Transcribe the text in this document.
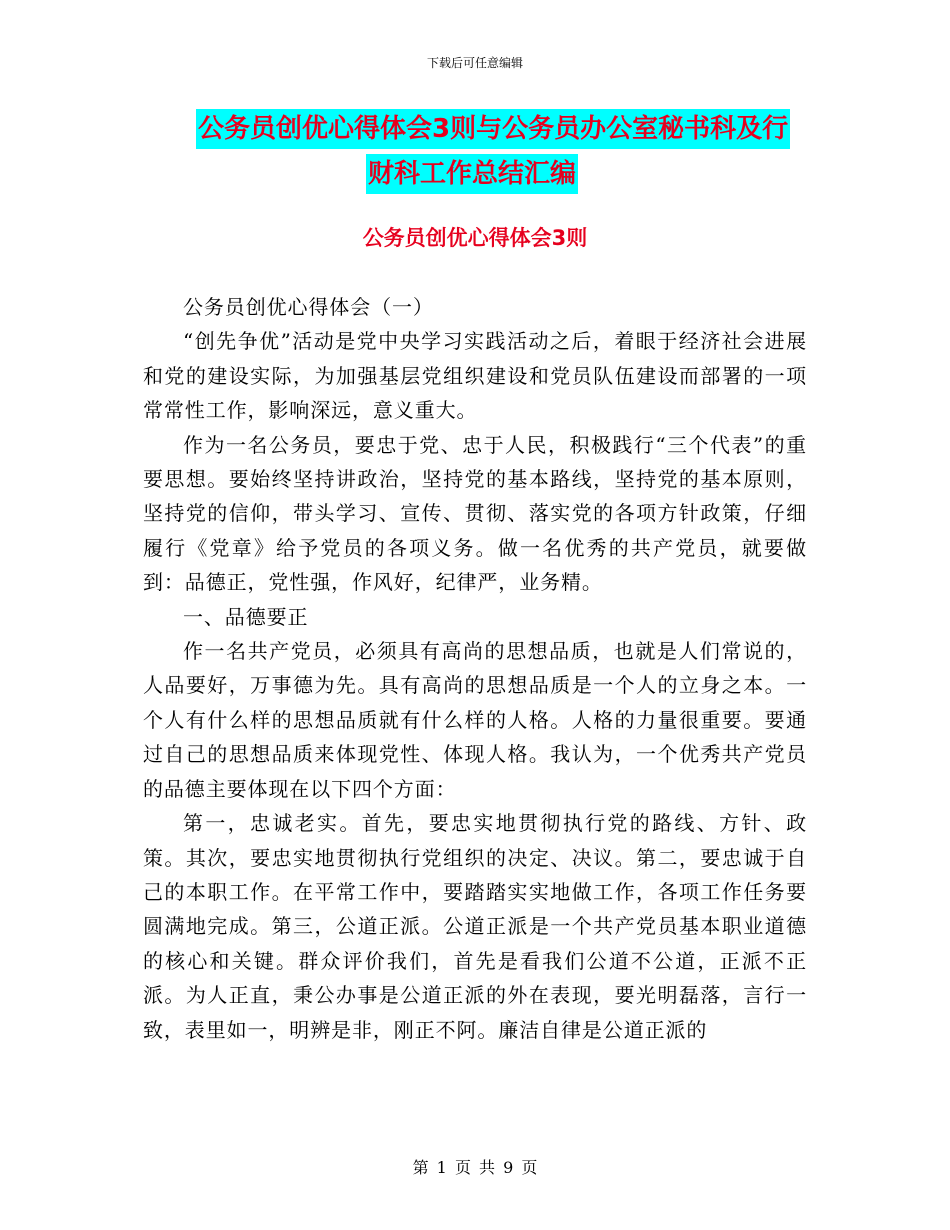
下载后可任意编辑
公务员创优心得体会3则与公务员办公室秘书科及行
财科工作总结汇编
公务员创优心得体会3则

公务员创优心得体会（一）

“创先争优”活动是党中央学习实践活动之后，着眼于经济社会进展和党的建设实际，为加强基层党组织建设和党员队伍建设而部署的一项常常性工作，影响深远，意义重大。

作为一名公务员，要忠于党、忠于人民，积极践行“三个代表”的重要思想。要始终坚持讲政治，坚持党的基本路线，坚持党的基本原则，坚持党的信仰，带头学习、宣传、贯彻、落实党的各项方针政策，仔细履行《党章》给予党员的各项义务。做一名优秀的共产党员，就要做到：品德正，党性强，作风好，纪律严，业务精。

一、品德要正

作一名共产党员，必须具有高尚的思想品质，也就是人们常说的，人品要好，万事德为先。具有高尚的思想品质是一个人的立身之本。一个人有什么样的思想品质就有什么样的人格。人格的力量很重要。要通过自己的思想品质来体现党性、体现人格。我认为，一个优秀共产党员的品德主要体现在以下四个方面：

第一，忠诚老实。首先，要忠实地贯彻执行党的路线、方针、政策。其次，要忠实地贯彻执行党组织的决定、决议。第二，要忠诚于自己的本职工作。在平常工作中，要踏踏实实地做工作，各项工作任务要圆满地完成。第三，公道正派。公道正派是一个共产党员基本职业道德的核心和关键。群众评价我们，首先是看我们公道不公道，正派不正派。为人正直，秉公办事是公道正派的外在表现，要光明磊落，言行一致，表里如一，明辨是非，刚正不阿。廉洁自律是公道正派的

第 1 页 共 9 页
